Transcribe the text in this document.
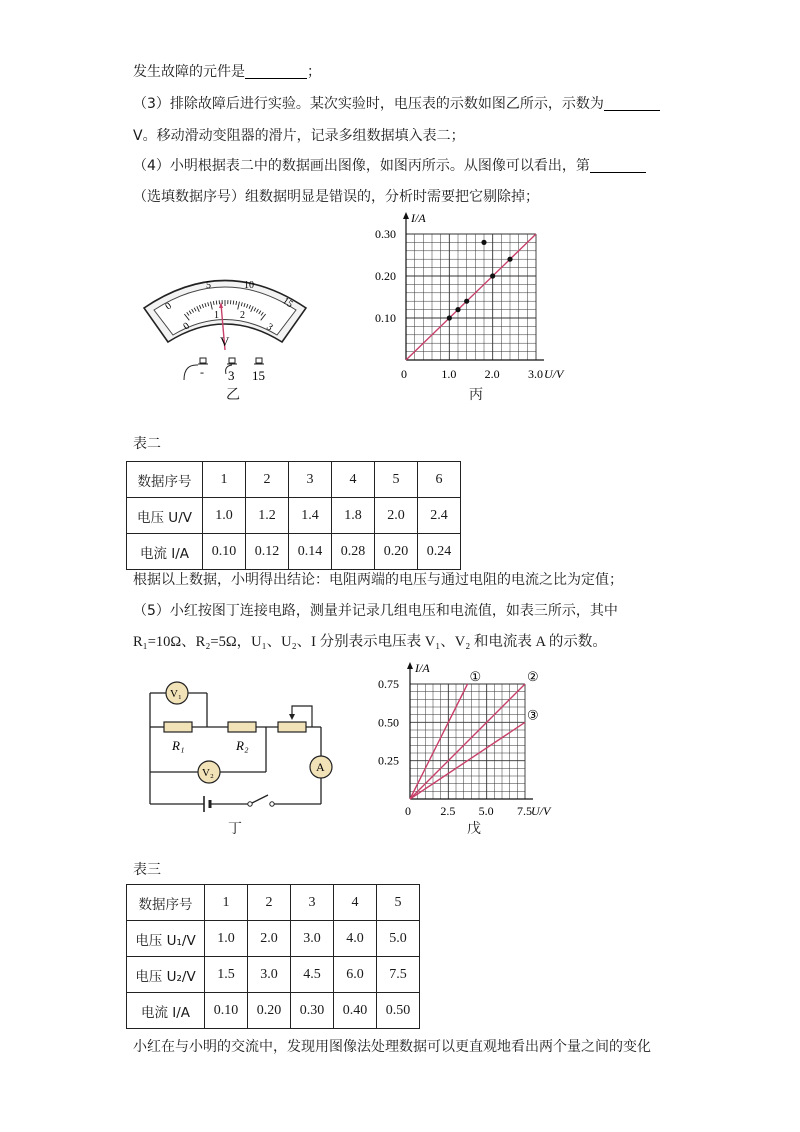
发生故障的元件是	；
（3）排除故障后进行实验。某次实验时，电压表的示数如图乙所示，示数为
V。移动滑动变阻器的滑片，记录多组数据填入表二；
（4）小明根据表二中的数据画出图像，如图丙所示。从图像可以看出，第
（选填数据序号）组数据明显是错误的，分析时需要把它剔除掉；
0
5	10
15
0
1 2
3
V
- 3 15
乙
1.0 2.0 3.0
0.10
0.20
0.30
0	U/V
I/A
丙
表二
数据序号	1	2	3	4	5	6
电压 U/V	1.0	1.2	1.4	1.8	2.0	2.4
电流 I/A	0.10	0.12	0.14	0.28	0.20	0.24
根据以上数据，小明得出结论：电阻两端的电压与通过电阻的电流之比为定值；
（5）小红按图丁连接电路，测量并记录几组电压和电流值，如表三所示，其中
R₁=10Ω、R₂=5Ω，U₁、U₂、I 分别表示电压表 V₁、V₂ 和电流表 A 的示数。
V₁
V₂	A
R₁	R₂
丁
①	②
③
2.5 5.0 7.5
0.25
0.50
0.75
0	U/V
I/A
戊
表三
数据序号	1	2	3	4	5
电压 U₁/V	1.0	2.0	3.0	4.0	5.0
电压 U₂/V	1.5	3.0	4.5	6.0	7.5
电流 I/A	0.10	0.20	0.30	0.40	0.50
小红在与小明的交流中，发现用图像法处理数据可以更直观地看出两个量之间的变化
